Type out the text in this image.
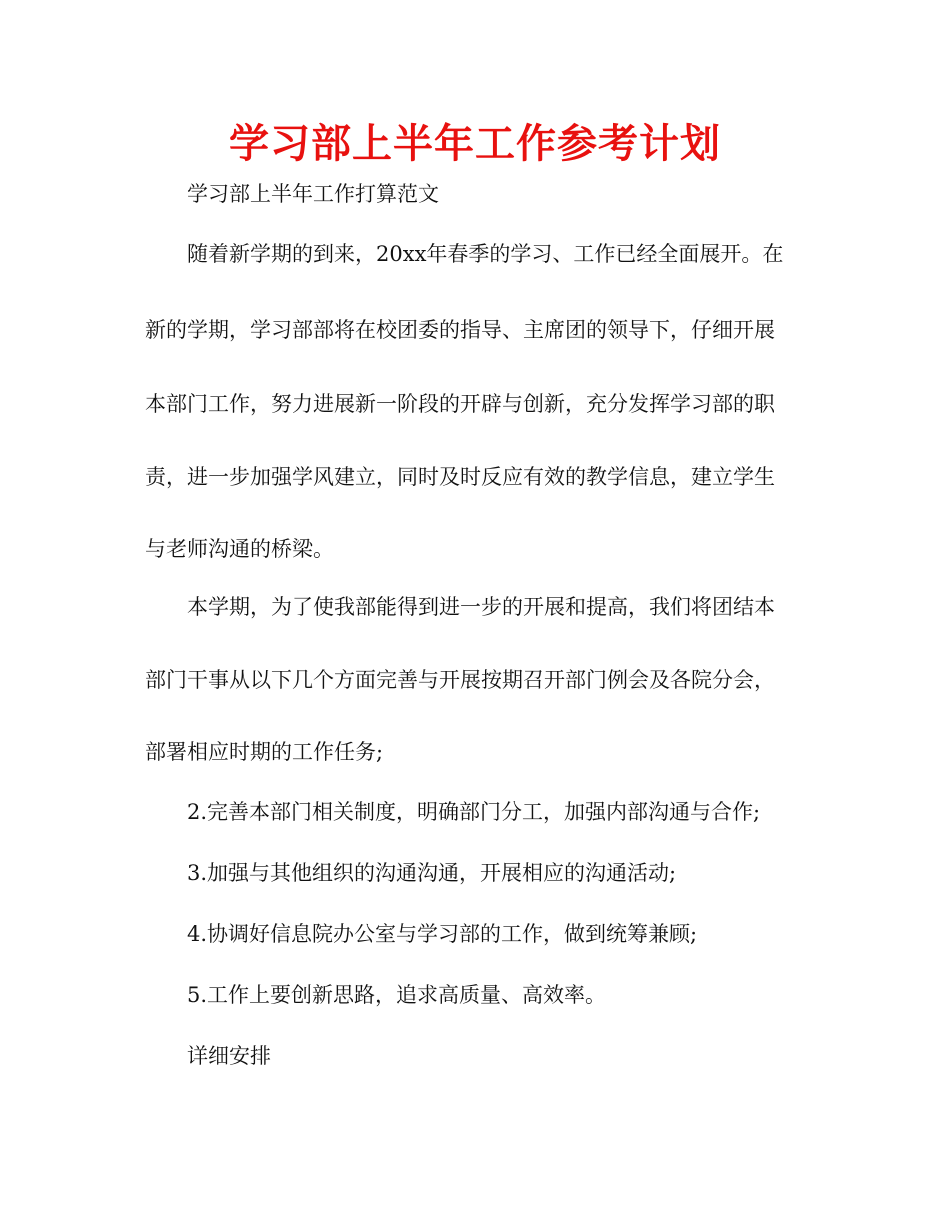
学习部上半年工作参考计划

学习部上半年工作打算范文

随着新学期的到来，20xx年春季的学习、工作已经全面展开。在

新的学期，学习部部将在校团委的指导、主席团的领导下，仔细开展

本部门工作，努力进展新一阶段的开辟与创新，充分发挥学习部的职

责，进一步加强学风建立，同时及时反应有效的教学信息，建立学生

与老师沟通的桥梁。

本学期，为了使我部能得到进一步的开展和提高，我们将团结本

部门干事从以下几个方面完善与开展按期召开部门例会及各院分会，

部署相应时期的工作任务;

2.完善本部门相关制度，明确部门分工，加强内部沟通与合作;

3.加强与其他组织的沟通沟通，开展相应的沟通活动;

4.协调好信息院办公室与学习部的工作，做到统筹兼顾;

5.工作上要创新思路，追求高质量、高效率。

详细安排
